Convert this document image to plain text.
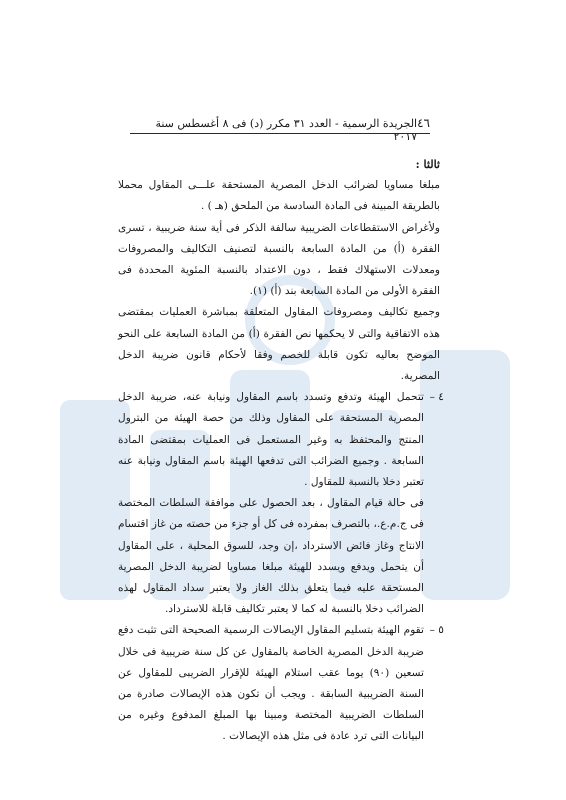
٤٦
الجريدة الرسمية - العدد ٣١ مكرر (د) فى ٨ أغسطس سنة ٢٠١٧

ثالثا :

مبلغا مساويا لضرائب الدخل المصرية المستحقة علـــى المقاول محملا بالطريقة المبينة فى المادة السادسة من الملحق (هـ ) .

ولأغراض الاستقطاعات الضريبية سالفة الذكر فى أية سنة ضريبية ، تسرى الفقرة (أ) من المادة السابعة بالنسبة لتصنيف التكاليف والمصروفات ومعدلات الاستهلاك فقط ، دون الاعتداد بالنسبة المئوية المحددة فى الفقرة الأولى من المادة السابعة بند (أ) (١).

وجميع تكاليف ومصروفات المقاول المتعلقة بمباشرة العمليات بمقتضى هذه الاتفاقية والتى لا يحكمها نص الفقرة (أ) من المادة السابعة على النحو الموضح بعاليه تكون قابلة للخصم وفقا لأحكام قانون ضريبة الدخل المصرية.

٤ –

تتحمل الهيئة وتدفع وتسدد باسم المقاول ونيابة عنه، ضريبة الدخل المصرية المستحقة على المقاول وذلك من حصة الهيئة من البترول المنتج والمحتفظ به وغير المستعمل فى العمليات بمقتضى المادة السابعة . وجميع الضرائب التى تدفعها الهيئة باسم المقاول ونيابة عنه تعتبر دخلا بالنسبة للمقاول .

فى حالة قيام المقاول ، بعد الحصول على موافقة السلطات المختصة فى ج.م.ع.، بالتصرف بمفرده فى كل أو جزء من حصته من غاز اقتسام الانتاج وغاز فائض الاسترداد ،إن وجد، للسوق المحلية ، على المقاول أن يتحمل ويدفع ويسدد للهيئة مبلغا مساويا لضريبة الدخل المصرية المستحقة عليه فيما يتعلق بذلك الغاز ولا يعتبر سداد المقاول لهذه الضرائب دخلا بالنسبة له كما لا يعتبر تكاليف قابلة للاسترداد.

٥ –

تقوم الهيئة بتسليم المقاول الإيصالات الرسمية الصحيحة التى تثبت دفع ضريبة الدخل المصرية الخاصة بالمقاول عن كل سنة ضريبية فى خلال تسعين (٩٠) يوما عقب استلام الهيئة للإقرار الضريبى للمقاول عن السنة الضريبية السابقة . ويجب أن تكون هذه الإيصالات صادرة من السلطات الضريبية المختصة ومبينا بها المبلغ المدفوع وغيره من البيانات التى ترد عادة فى مثل هذه الإيصالات .
